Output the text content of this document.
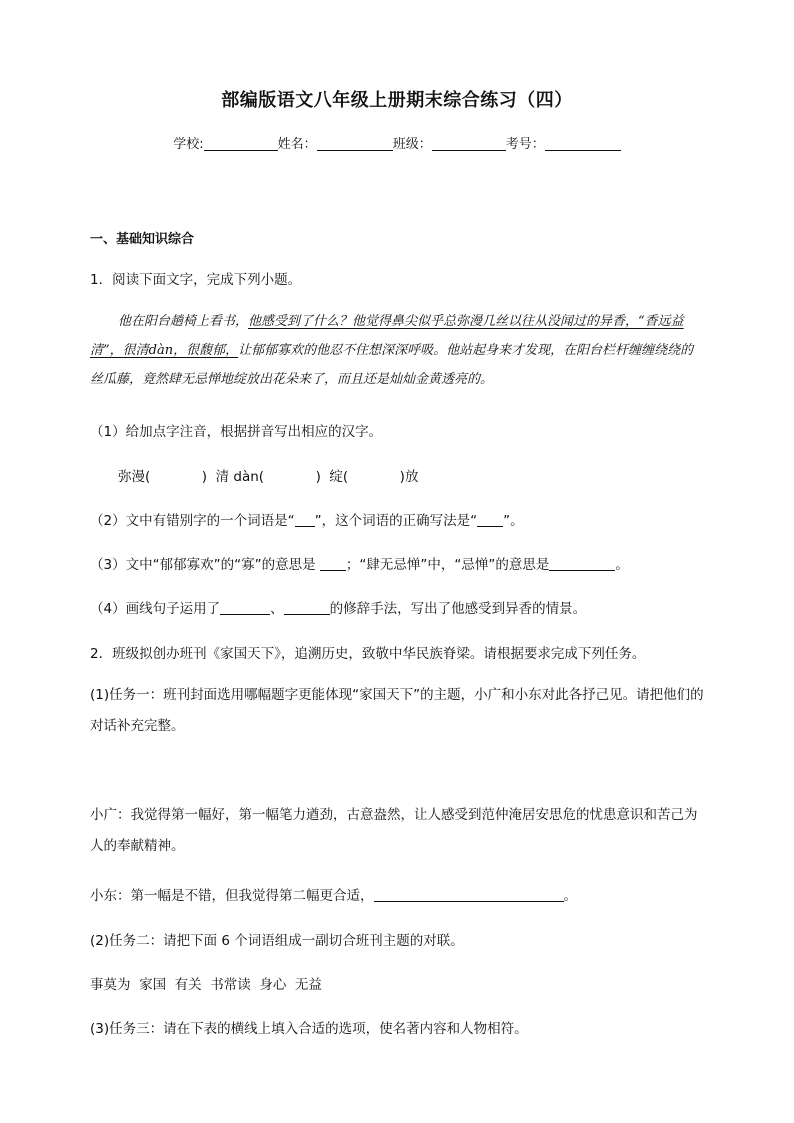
部编版语文八年级上册期末综合练习（四）
学校:	姓名：	班级：	考号：
一、基础知识综合
1．阅读下面文字，完成下列小题。
他在阳台趟椅上看书，他感受到了什么？他觉得鼻尖似乎总弥漫几丝以往从没闻过的异香，“香远益清”，很清dàn，很馥郁，让郁郁寡欢的他忍不住想深深呼吸。他站起身来才发现，在阳台栏杆缠缠绕绕的丝瓜藤，竟然肆无忌惮地绽放出花朵来了，而且还是灿灿金黄透亮的。
（1）给加点字注音，根据拼音写出相应的汉字。
弥漫(            )  清 dàn(            )  绽(            )放
（2）文中有错别字的一个词语是“ ”，这个词语的正确写法是“ ”。
（3）文中“郁郁寡欢”的“寡”的意思是 ；“肆无忌惮”中，“忌惮”的意思是	。
（4）画线句子运用了	、	的修辞手法，写出了他感受到异香的情景。
2．班级拟创办班刊《家国天下》，追溯历史，致敬中华民族脊梁。请根据要求完成下列任务。
(1)任务一：班刊封面选用哪幅题字更能体现“家国天下”的主题，小广和小东对此各抒己见。请把他们的对话补充完整。
小广：我觉得第一幅好，第一幅笔力遒劲，古意盎然，让人感受到范仲淹居安思危的忧患意识和苦己为人的奉献精神。
小东：第一幅是不错，但我觉得第二幅更合适，	。
(2)任务二：请把下面 6 个词语组成一副切合班刊主题的对联。
事莫为  家国  有关  书常读  身心  无益
(3)任务三：请在下表的横线上填入合适的选项，使名著内容和人物相符。
